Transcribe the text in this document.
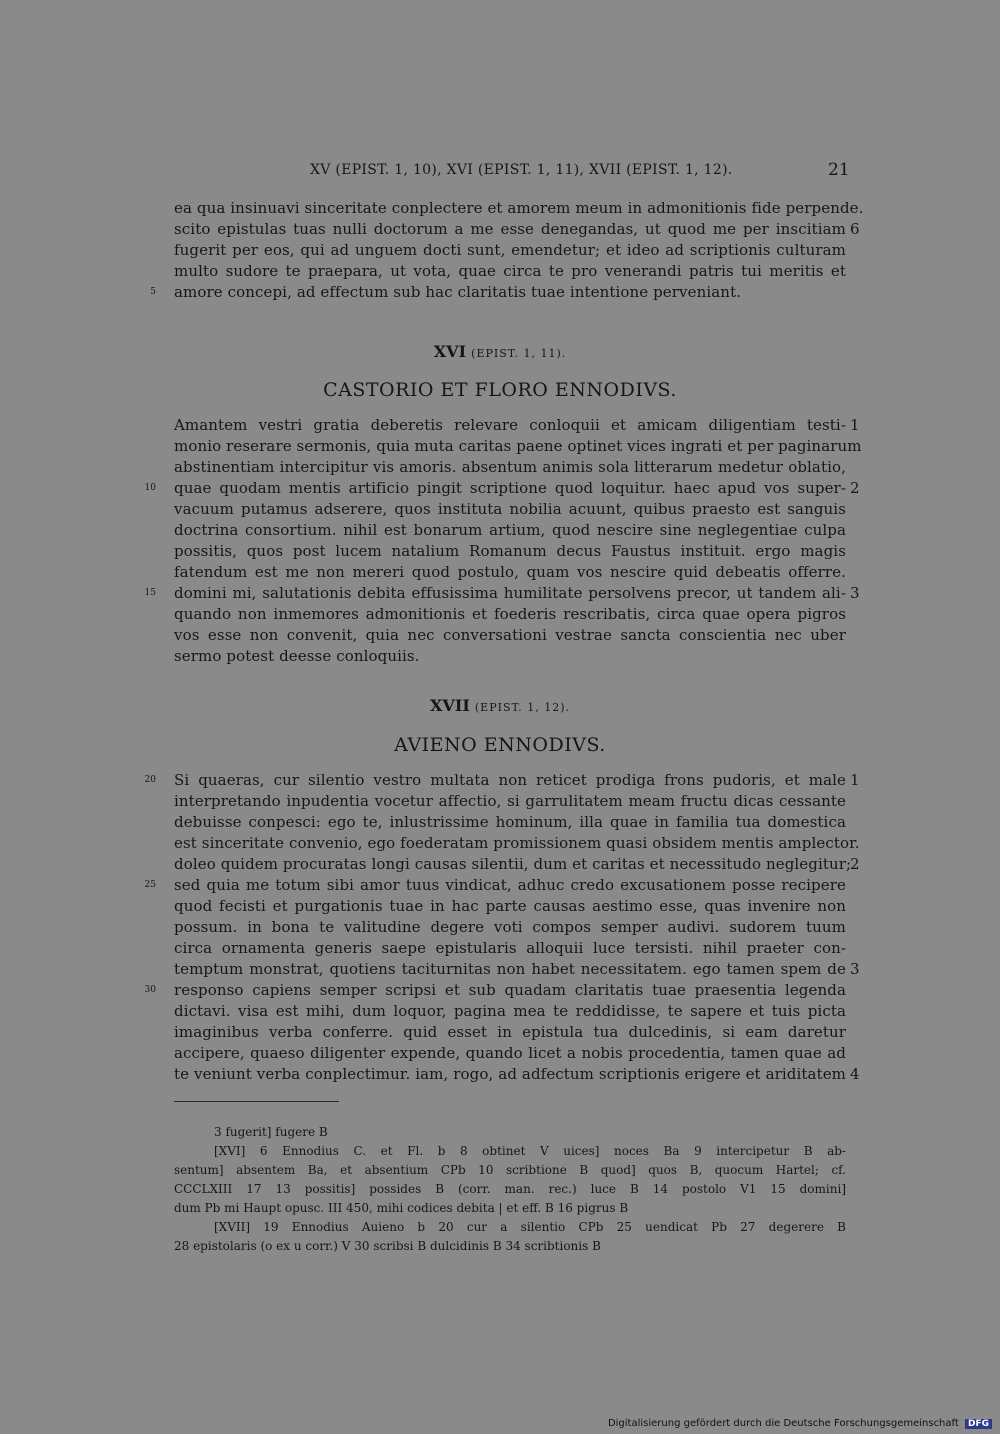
XV (EPIST. 1, 10), XVI (EPIST. 1, 11), XVII (EPIST. 1, 12).	21
ea qua insinuavi sinceritate conplectere et amorem meum in admonitionis fide perpende.
scito epistulas tuas nulli doctorum a me esse denegandas, ut quod me per inscitiam
fugerit per eos, qui ad unguem docti sunt, emendetur; et ideo ad scriptionis culturam
multo sudore te praepara, ut vota, quae circa te pro venerandi patris tui meritis et
amore concepi, ad effectum sub hac claritatis tuae intentione perveniant.
6
5
XVI (EPIST. 1, 11).
CASTORIO ET FLORO ENNODIVS.
Amantem vestri gratia deberetis relevare conloquii et amicam diligentiam testi-
monio reserare sermonis, quia muta caritas paene optinet vices ingrati et per paginarum
abstinentiam intercipitur vis amoris. absentum animis sola litterarum medetur oblatio,
quae quodam mentis artificio pingit scriptione quod loquitur. haec apud vos super-
vacuum putamus adserere, quos instituta nobilia acuunt, quibus praesto est sanguis
doctrina consortium. nihil est bonarum artium, quod nescire sine neglegentiae culpa
possitis, quos post lucem natalium Romanum decus Faustus instituit. ergo magis
fatendum est me non mereri quod postulo, quam vos nescire quid debeatis offerre.
domini mi, salutationis debita effusissima humilitate persolvens precor, ut tandem ali-
quando non inmemores admonitionis et foederis rescribatis, circa quae opera pigros
vos esse non convenit, quia nec conversationi vestrae sancta conscientia nec uber
sermo potest deesse conloquiis.
1
2
3
10
15
XVII (EPIST. 1, 12).
AVIENO ENNODIVS.
Si quaeras, cur silentio vestro multata non reticet prodiga frons pudoris, et male
interpretando inpudentia vocetur affectio, si garrulitatem meam fructu dicas cessante
debuisse conpesci: ego te, inlustrissime hominum, illa quae in familia tua domestica
est sinceritate convenio, ego foederatam promissionem quasi obsidem mentis amplector.
doleo quidem procuratas longi causas silentii, dum et caritas et necessitudo neglegitur;
sed quia me totum sibi amor tuus vindicat, adhuc credo excusationem posse recipere
quod fecisti et purgationis tuae in hac parte causas aestimo esse, quas invenire non
possum. in bona te valitudine degere voti compos semper audivi. sudorem tuum
circa ornamenta generis saepe epistularis alloquii luce tersisti. nihil praeter con-
temptum monstrat, quotiens taciturnitas non habet necessitatem. ego tamen spem de
responso capiens semper scripsi et sub quadam claritatis tuae praesentia legenda
dictavi. visa est mihi, dum loquor, pagina mea te reddidisse, te sapere et tuis picta
imaginibus verba conferre. quid esset in epistula tua dulcedinis, si eam daretur
accipere, quaeso diligenter expende, quando licet a nobis procedentia, tamen quae ad
te veniunt verba conplectimur. iam, rogo, ad adfectum scriptionis erigere et ariditatem
1
2
3
4
20
25
30
3 fugerit] fugere B
[XVI] 6 Ennodius C. et Fl. b 8 obtinet V uices] noces Ba 9 intercipetur B ab-
sentum] absentem Ba, et absentium CPb 10 scribtione B quod] quos B, quocum Hartel; cf.
CCCLXIII 17 13 possitis] possides B (corr. man. rec.) luce B 14 postolo V1 15 domini]
dum Pb mi Haupt opusc. III 450, mihi codices debita | et eff. B 16 pigrus B
[XVII] 19 Ennodius Auieno b 20 cur a silentio CPb 25 uendicat Pb 27 degerere B
28 epistolaris (o ex u corr.) V 30 scribsi B dulcidinis B 34 scribtionis B
Digitalisierung gefördert durch die Deutsche Forschungsgemeinschaft DFG
